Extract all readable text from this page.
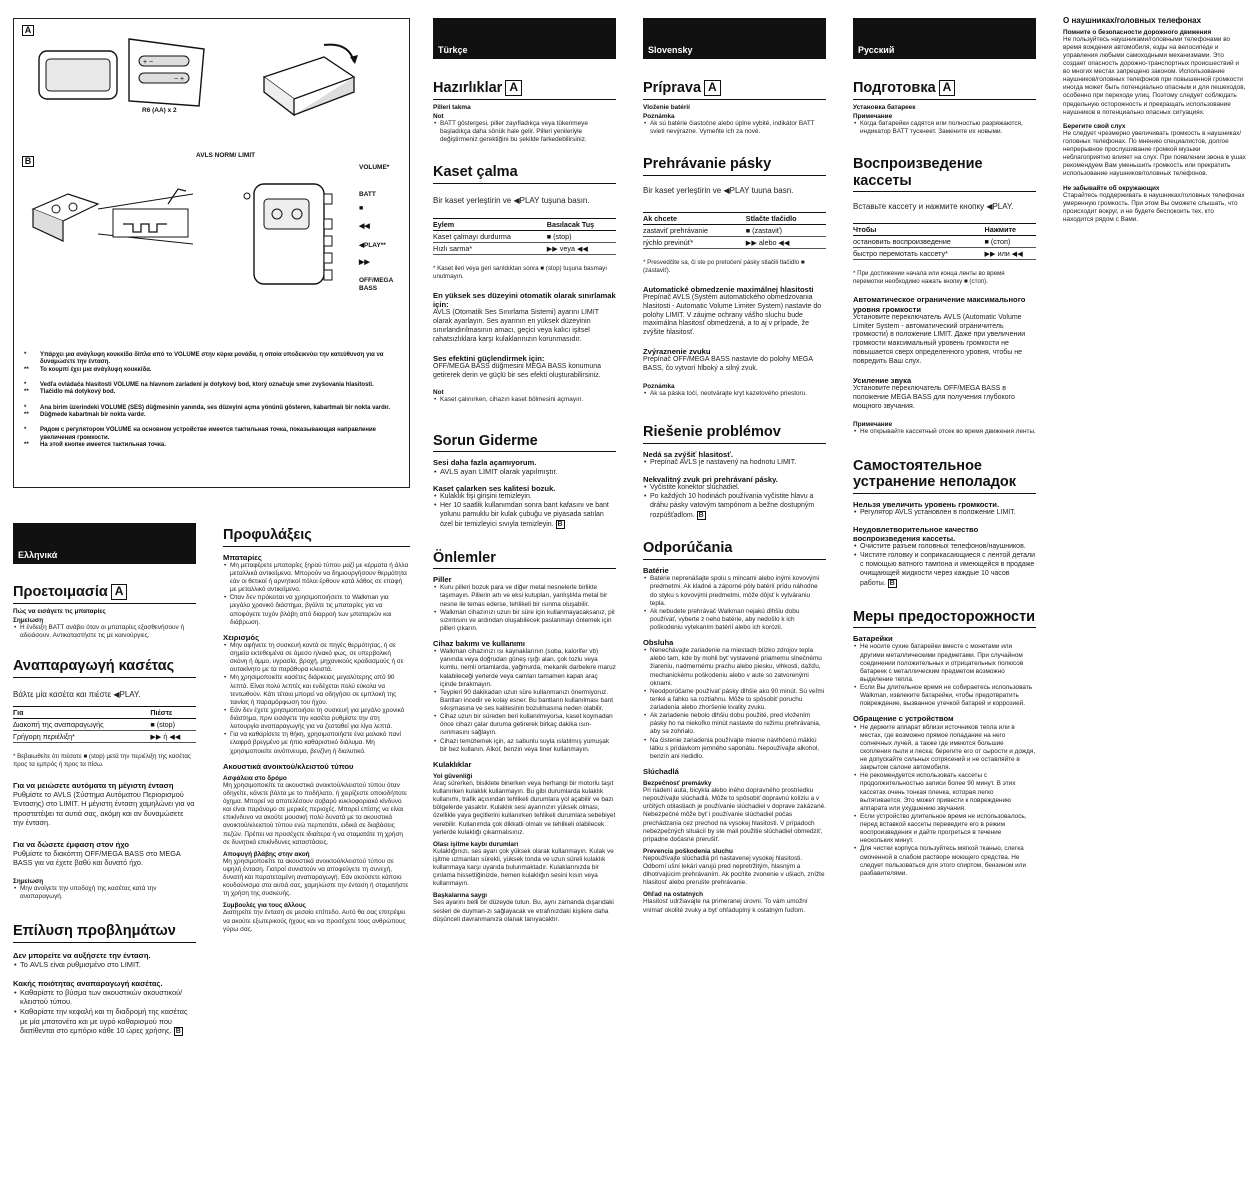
A
B
+ −
− +
R6 (AA) x 2
AVLS NORM/ LIMIT
VOLUME*
BATT
■
◀◀
◀PLAY**
▶▶
OFF/MEGA BASS
*	Υπάρχει μια ανάγλυφη κουκκίδα δίπλα από το VOLUME στην κύρια μονάδα, η οποία υποδεικνύει την κατεύθυνση για να δυναμώσετε την ένταση.
**	Το κουμπί έχει μια ανάγλυφη κουκκίδα.
*	Vedľa ovládača hlasitosti VOLUME na hlavnom zariadení je dotykový bod, ktorý označuje smer zvyšovania hlasitosti.
**	Tlačidlo má dotykový bod.
*	Ana birim üzerindeki VOLUME (SES) düğmesinin yanında, ses düzeyini açma yönünü gösteren, kabartmalı bir nokta vardır.
**	Düğmede kabartmalı bir nokta vardır.
*	Рядом с регулятором VOLUME на основном устройстве имеется тактильная точка, показывающая направление увеличения громкости.
**	На этой кнопке имеется тактильная точка.
Ελληνικά
Προετοιμασία A
Πώς να εισάγετε τις μπαταρίες
Σημείωση
• Η ένδειξη BATT ανάβει όταν οι μπαταρίες εξασθενήσουν ή αδειάσουν. Αντικαταστήστε τις με καινούργιες.
Αναπαραγωγή κασέτας
Βάλτε μία κασέτα και πιέστε ◀PLAY.
Για	Πιέστε
Διακοπή της αναπαραγωγής	■ (stop)
Γρήγορη περιέλιξη*	▶▶ ή ◀◀
* Βεβαιωθείτε ότι πιέσατε ■ (stop) μετά την περιέλιξη της κασέτας προς τα εμπρός ή προς τα πίσω.
Για να μειώσετε αυτόματα τη μέγιστη ένταση
Ρυθμίστε το AVLS (Σύστημα Αυτόματου Περιορισμού Έντασης) στο LIMIT. Η μέγιστη ένταση χαμηλώνει για να προστατέψει τα αυτιά σας, ακόμη και αν δυναμώσετε την ένταση.
Για να δώσετε έμφαση στον ήχο
Ρυθμίστε το διακόπτη OFF/MEGA BASS στο MEGA BASS για να έχετε βαθύ και δυνατό ήχο.
Σημείωση
• Μην ανοίγετε την υποδοχή της κασέτας κατά την αναπαραγωγή.
Επίλυση προβλημάτων
Δεν μπορείτε να αυξήσετε την ένταση.
• Το AVLS είναι ρυθμισμένο στο LIMIT.
Κακής ποιότητας αναπαραγωγή κασέτας.
• Καθαρίστε το βύσμα των ακουστικών ακουστικού/κλειστού τύπου.
• Καθαρίστε την κεφαλή και τη διαδρομή της κασέτας με μία μπατονέτα και με υγρό καθαρισμού που διατίθενται στο εμπόριο κάθε 10 ώρες χρήσης. B
Προφυλάξεις
Μπαταρίες
• Μη μεταφέρετε μπαταρίες ξηρού τύπου μαζί με κέρματα ή άλλα μεταλλικά αντικείμενα. Μπορούν να δημιουργήσουν θερμότητα εάν οι θετικοί ή αρνητικοί πόλοι έρθουν κατά λάθος σε επαφή με μεταλλικό αντικείμενο.
• Όταν δεν πρόκειται να χρησιμοποιήσετε το Walkman για μεγάλο χρονικό διάστημα, βγάλτε τις μπαταρίες για να αποφύγετε τυχόν βλάβη από διαρροή των μπαταριών και διάβρωση.
Χειρισμός
• Μην αφήνετε τη συσκευή κοντά σε πηγές θερμότητας, ή σε σημεία εκτεθειμένα σε άμεσο ηλιακό φως, σε υπερβολική σκόνη ή άμμο, υγρασία, βροχή, μηχανικούς κραδασμούς ή σε αυτοκίνητο με τα παράθυρα κλειστά.
• Μη χρησιμοποιείτε κασέτες διάρκειας μεγαλύτερης από 90 λεπτά. Είναι πολύ λεπτές και ενδέχεται πολύ εύκολα να τεντωθούν. Κάτι τέτοιο μπορεί να οδηγήσει σε εμπλοκή της ταινίας ή παραμόρφωση του ήχου.
• Εάν δεν έχετε χρησιμοποιήσει τη συσκευή για μεγάλο χρονικό διάστημα, πριν εισάγετε την κασέτα ρυθμίστε την στη λειτουργία αναπαραγωγής για να ζεσταθεί για λίγα λεπτά.
• Για να καθαρίσετε τη θήκη, χρησιμοποιήστε ένα μαλακό πανί ελαφρά βρεγμένο με ήπιο καθαριστικό διάλυμα. Μη χρησιμοποιείτε οινόπνευμα, βενζίνη ή διαλυτικό.
Ακουστικά ανοικτού/κλειστού τύπου
Ασφάλεια στο δρόμο
Μη χρησιμοποιείτε τα ακουστικά ανοικτού/κλειστού τύπου όταν οδηγείτε, κάνετε βόλτα με το ποδήλατο, ή χειρίζεστε οποιοδήποτε όχημα. Μπορεί να αποτελέσουν σοβαρό κυκλοφοριακό κίνδυνο και είναι παράνομο σε μερικές περιοχές. Μπορεί επίσης να είναι επικίνδυνο να ακούτε μουσική πολύ δυνατά με τα ακουστικά ανοικτού/κλειστού τύπου ενώ περπατάτε, ειδικά σε διαβάσεις πεζών. Πρέπει να προσέχετε ιδιαίτερα ή να σταματάτε τη χρήση σε δυνητικά επικίνδυνες καταστάσεις.
Αποφυγή βλάβης στην ακοή
Μη χρησιμοποιείτε τα ακουστικά ανοικτού/κλειστού τύπου σε υψηλή ένταση. Γιατροί συνιστούν να αποφεύγετε τη συνεχή, δυνατή και παρατεταμένη αναπαραγωγή. Εάν ακούσετε κάποιο κουδούνισμα στα αυτιά σας, χαμηλώστε την ένταση ή σταματήστε τη χρήση της συσκευής.
Συμβουλές για τους άλλους
Διατηρείτε την ένταση σε μεσαίο επίπεδο. Αυτό θα σας επιτρέψει να ακούτε εξωτερικούς ήχους και να προσέχετε τους ανθρώπους γύρω σας.
Türkçe
Hazırlıklar A
Pilleri takma
Not
• BATT göstergesi, piller zayıfladıkça veya tükenmeye başladıkça daha sönük hale gelir. Pilleri yenileriyle değiştirmeniz gerektiğini bu şekilde farkedebilirsiniz.
Kaset çalma
Bir kaset yerleştirin ve ◀PLAY tuşuna basın.
Eylem	Basılacak Tuş
Kaset çalmayı durdurma	■ (stop)
Hızlı sarma*	▶▶ veya ◀◀
* Kaset ileri veya geri sarıldıktan sonra ■ (stop) tuşuna basmayı unutmayın.
En yüksek ses düzeyini otomatik olarak sınırlamak için:
AVLS (Otomatik Ses Sınırlama Sistemi) ayarını LIMIT olarak ayarlayın. Ses ayarının en yüksek düzeyinin sınırlandırılmasının amacı, geçici veya kalıcı işitsel rahatsızlıklara karşı kulaklarınızın korunmasıdır.
Ses efektini güçlendirmek için:
OFF/MEGA BASS düğmesini MEGA BASS konumuna getirerek derin ve güçlü bir ses efekti oluşturabilirsiniz.
Not
• Kaset çalınırken, cihazın kaset bölmesini açmayın.
Sorun Giderme
Sesi daha fazla açamıyorum.
• AVLS ayarı LIMIT olarak yapılmıştır.
Kaset çalarken ses kalitesi bozuk.
• Kulaklık fişi girişini temizleyin.
• Her 10 saatlik kullanımdan sonra bant kafasını ve bant yolunu pamuklu bir kulak çubuğu ve piyasada satılan özel bir temizleyici sıvıyla temizleyin. B
Önlemler
Piller
• Kuru pilleri bozuk para ve diğer metal nesnelerle birlikte taşımayın. Pillerin artı ve eksi kutupları, yanlışlıkla metal bir nesne ile temas ederse, tehlikeli bir ısınma oluşabilir.
• Walkman cihazınızı uzun bir süre için kullanmayacaksanız, pil sızıntısını ve ardından oluşabilecek paslanmayı önlemek için pilleri çıkarın.
Cihaz bakımı ve kullanımı
• Walkman cihazınızı ısı kaynaklarının (soba, kalorifer vb) yanında veya doğrudan güneş ışığı alan, çok tozlu veya kumlu, nemli ortamlarda, yağmurda, mekanik darbelere maruz kalabileceği yerlerde veya camları tamamen kapalı araç içinde bırakmayın.
• Teypleri 90 dakikadan uzun süre kullanmanızı önermiyoruz. Bantları incedir ve kolay esner. Bu bantların kullanılması bant sıkışmasına ve ses kalitesinin bozulmasına neden olabilir.
• Cihaz uzun bir süreden beri kullanılmıyorsa, kaset koymadan önce cihazı çalar duruma getirerek birkaç dakika ısın-ısınmasını sağlayın.
• Cihazı temizlemek için, az sabunlu suyla ıslatılmış yumuşak bir bez kullanın. Alkol, benzin veya tiner kullanmayın.
Kulaklıklar
Yol güvenliği
Araç sürerken, bisiklete binerken veya herhangi bir motorlu taşıt kullanırken kulaklık kullanmayın. Bu gibi durumlarda kulaklık kullanımı, trafik açısından tehlikeli durumlara yol açabilir ve bazı bölgelerde yasaktır. Kulaklık sesi ayarınızın yüksek olması, özellikle yaya geçitlerini kullanırken tehlikeli durumlara sebebiyet verebilir. Kullanımda çok dikkatli olmalı ve tehlikeli olabilecek yerlerde kulaklığı çıkarmalısınız.
Olası işitme kaybı durumları
Kulaklığınızı, ses ayarı çok yüksek olarak kullanmayın. Kulak ve işitme uzmanları sürekli, yüksek tonda ve uzun süreli kulaklık kullanmaya karşı uyarıda bulunmaktadır. Kulaklarınızda bir çınlama hissettiğinizde, hemen kulaklığın sesini kısın veya kullanmayın.
Başkalarına saygı
Ses ayarını belli bir düzeyde tutun. Bu, aynı zamanda dışarıdaki sesleri de duyman-zı sağlayacak ve etrafınızdaki kişilere daha düşünceli davranmanıza olanak tanıyacaktır.
Slovensky
Príprava A
Vloženie batérií
Poznámka
• Ak sú batérie čiastočne alebo úplne vybité, indikátor BATT svieti nevýrazne. Vymeňte ich za nové.
Prehrávanie pásky
Bir kaset yerleştirin ve ◀PLAY tuuna basn.
Ak chcete	Stlačte tlačidlo
zastaviť prehrávanie	■ (zastaviť)
rýchlo previnúť*	▶▶ alebo ◀◀
* Presvedčite sa, či ste po pretočení pásky stlačili tlačidlo ■ (zastaviť).
Automatické obmedzenie maximálnej hlasitosti
Prepínač AVLS (Systém automatického obmedzovania hlasitosti - Automatic Volume Limiter System) nastavte do polohy LIMIT. V záujme ochrany vášho sluchu bude maximálna hlasitosť obmedzená, a to aj v prípade, že zvýšite hlasitosť.
Zvýraznenie zvuku
Prepínač OFF/MEGA BASS nastavte do polohy MEGA BASS, čo vytvorí hlboký a silný zvuk.
Poznámka
• Ak sa páska točí, neotvárajte kryt kazetového priestoru.
Riešenie problémov
Nedá sa zvýšiť hlasitosť.
• Prepínač AVLS je nastavený na hodnotu LIMIT.
Nekvalitný zvuk pri prehrávaní pásky.
• Vyčistite konektor slúchadiel.
• Po každých 10 hodinách používania vyčistite hlavu a dráhu pásky vatovým tampónom a bežne dostupným rozpúšťadlom. B
Odporúčania
Batérie
• Batérie neprenášajte spolu s mincami alebo inými kovovými predmetmi. Ak kladné a záporné póly batérií prídu náhodne do styku s kovovými predmetmi, môže dôjsť k vytváraniu tepla.
• Ak nebudete prehrávač Walkman nejakú dlhšiu dobu používať, vyberte z neho batérie, aby nedošlo k ich poškodeniu vytekaním batérií alebo ich korózii.
Obsluha
• Nenechávajte zariadenie na miestach blízko zdrojov tepla alebo tam, kde by mohli byť vystavené priamemu slnečnému žiareniu, nadmernému prachu alebo piesku, vlhkosti, dažďu, mechanickému poškodeniu alebo v aute so zatvorenými oknami.
• Neodporúčame používať pásky dlhšie ako 90 minút. Sú veľmi tenké a ľahko sa roztiahnu. Môže to spôsobiť poruchu zariadenia alebo zhoršenie kvality zvuku.
• Ak zariadenie nebolo dlhšiu dobu použité, pred vložením pásky ho na niekoľko minút nastavte do režimu prehrávania, aby sa zohrialo.
• Na čistenie zariadenia používajte mierne navlhčenú mäkkú látku s prídavkom jemného saponátu. Nepoužívajte alkohol, benzín ani riedidlo.
Slúchadlá
Bezpečnosť premávky
Pri riadení auta, bicykla alebo iného dopravného prostriedku nepoužívajte slúchadlá. Môže to spôsobiť dopravnú kolíziu a v určitých oblastiach je používanie slúchadiel v doprave zakázané. Nebezpečné môže byť i používanie slúchadiel počas prechádzania cez prechod na vysokej hlasitosti. V prípadoch nebezpečných situácií by ste mali použitie slúchadiel obmedziť, prípadne dočasne prerušiť.
Prevencia poškodenia sluchu
Nepoužívajte slúchadlá pri nastavenej vysokej hlasitosti. Odborní ušní lekári varujú pred nepretržitým, hlasným a dlhotrvajúcim prehrávaním. Ak pocítite zvonenie v ušiach, znížte hlasitosť alebo prerušte prehrávanie.
Ohľad na ostatných
Hlasitosť udržiavajte na primeranej úrovni. To vám umožní vnímať okolité zvuky a byť ohľaduplný k ostatným ľuďom.
Русский
Подготовка A
Установка батареек
Примечание
• Когда батарейки садятся или полностью разряжаются, индикатор BATT тускнеет. Замените их новыми.
Воспроизведение кассеты
Вставьте кассету и нажмите кнопку ◀PLAY.
Чтобы	Нажмите
остановить воспроизведение	■ (стоп)
быстро перемотать кассету*	▶▶ или ◀◀
* При достижении начала или конца ленты во время перемотки необходимо нажать кнопку ■ (стоп).
Автоматическое ограничение максимального уровня громкости
Установите переключатель AVLS (Automatic Volume Limiter System - автоматический ограничитель громкости) в положение LIMIT. Даже при увеличении громкости максимальный уровень громкости не повышается сверх определенного уровня, чтобы не повредить Ваш слух.
Усиление звука
Установите переключатель OFF/MEGA BASS в положение MEGA BASS для получения глубокого мощного звучания.
Примечание
• Не открывайте кассетный отсек во время движения ленты.
Самостоятельное устранение неполадок
Нельзя увеличить уровень громкости.
• Регулятор AVLS установлен в положение LIMIT.
Неудовлетворительное качество воспроизведения кассеты.
• Очистите разъем головных телефонов/наушников.
• Чистите головку и соприкасающиеся с лентой детали с помощью ватного тампона и имеющейся в продаже очищающей жидкости через каждые 10 часов работы. B
Меры предосторожности
Батарейки
• Не носите сухие батарейки вместе с монетами или другими металлическими предметами. При случайном соединении положительных и отрицательных полюсов батареек с металлическим предметом возможно выделение тепла.
• Если Вы длительное время не собираетесь использовать Walkman, извлеките батарейки, чтобы предотвратить повреждение, вызванное утечкой батарей и коррозией.
Обращение с устройством
• Не держите аппарат вблизи источников тепла или в местах, где возможно прямое попадание на него солнечных лучей, а также где имеются большие скопления пыли и песка; берегите его от сырости и дождя, не допускайте сильных сотрясений и не оставляйте в закрытом салоне автомобиля.
• Не рекомендуется использовать кассеты с продолжительностью записи более 90 минут. В этих кассетах очень тонкая пленка, которая легко вытягивается. Это может привести к повреждению аппарата или ухудшению звучания.
• Если устройство длительное время не использовалось, перед вставкой кассеты переведите его в режим воспроизведения и дайте прогреться в течение нескольких минут.
• Для чистки корпуса пользуйтесь мягкой тканью, слегка смоченной в слабом растворе моющего средства. Не следует пользоваться для этого спиртом, бензином или разбавителями.
О наушниках/головных телефонах
Помните о безопасности дорожного движения
Не пользуйтесь наушниками/головными телефонами во время вождения автомобиля, езды на велосипеде и управления любыми самоходными механизмами. Это создает опасность дорожно-транспортных происшествий и во многих местах запрещено законом. Использование наушников/головных телефонов при повышенной громкости иногда может быть потенциально опасным и для пешеходов, особенно при переходе улиц. Поэтому следует соблюдать предельную осторожность и прекращать использование наушников в потенциально опасных ситуациях.
Берегите свой слух
Не следует чрезмерно увеличивать громкость в наушниках/головных телефонах. По мнению специалистов, долгое непрерывное прослушивание громкой музыки неблагоприятно влияет на слух. При появлении звона в ушах рекомендуем Вам уменьшить громкость или прекратить использование наушников/головных телефонов.
Не забывайте об окружающих
Старайтесь поддерживать в наушниках/головных телефонах умеренную громкость. При этом Вы сможете слышать, что происходит вокруг, и не будете беспокоить тех, кто находится рядом с Вами.
